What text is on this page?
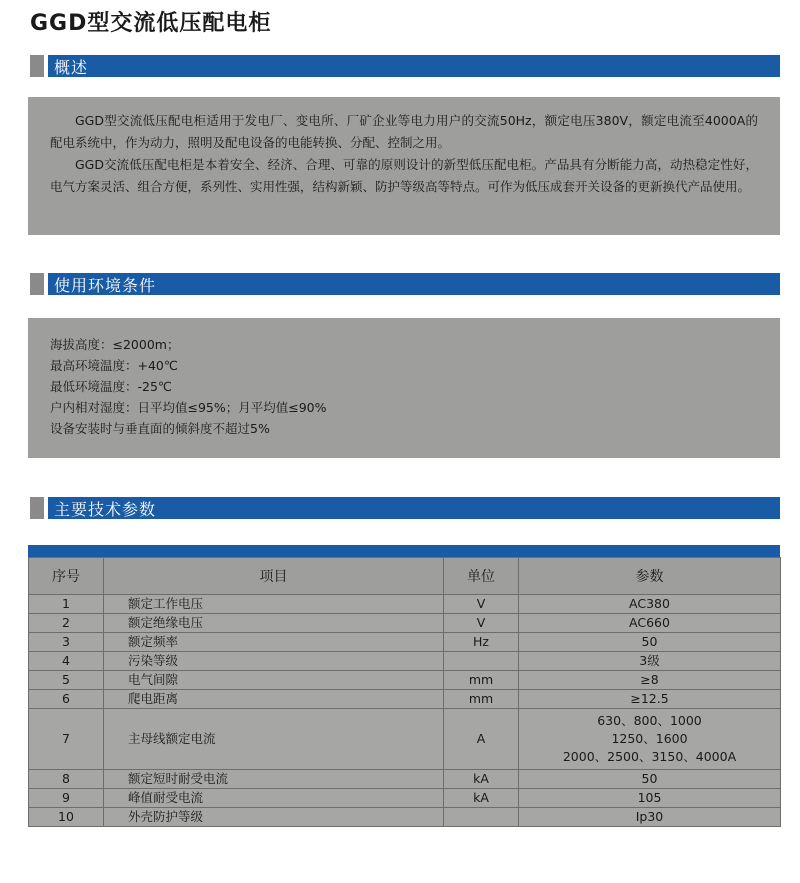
GGD型交流低压配电柜
概述

GGD型交流低压配电柜适用于发电厂、变电所、厂矿企业等电力用户的交流50Hz，额定电压380V，额定电流至4000A的配电系统中，作为动力，照明及配电设备的电能转换、分配、控制之用。

GGD交流低压配电柜是本着安全、经济、合理、可靠的原则设计的新型低压配电柜。产品具有分断能力高，动热稳定性好，电气方案灵活、组合方便，系列性、实用性强，结构新颖、防护等级高等特点。可作为低压成套开关设备的更新换代产品使用。

使用环境条件
海拔高度：≤2000m；
最高环境温度：+40℃
最低环境温度：-25℃
户内相对湿度：日平均值≤95%；月平均值≤90%
设备安装时与垂直面的倾斜度不超过5%
主要技术参数
序号	项目	单位	参数
1	额定工作电压	V	AC380
2	额定绝缘电压	V	AC660
3	额定频率	Hz	50
4	污染等级		3级
5	电气间隙	mm	≥8
6	爬电距离	mm	≥12.5
7	主母线额定电流	A	630、800、1000
1250、1600
2000、2500、3150、4000A

8	额定短时耐受电流	kA	50
9	峰值耐受电流	kA	105
10	外壳防护等级		Ip30
